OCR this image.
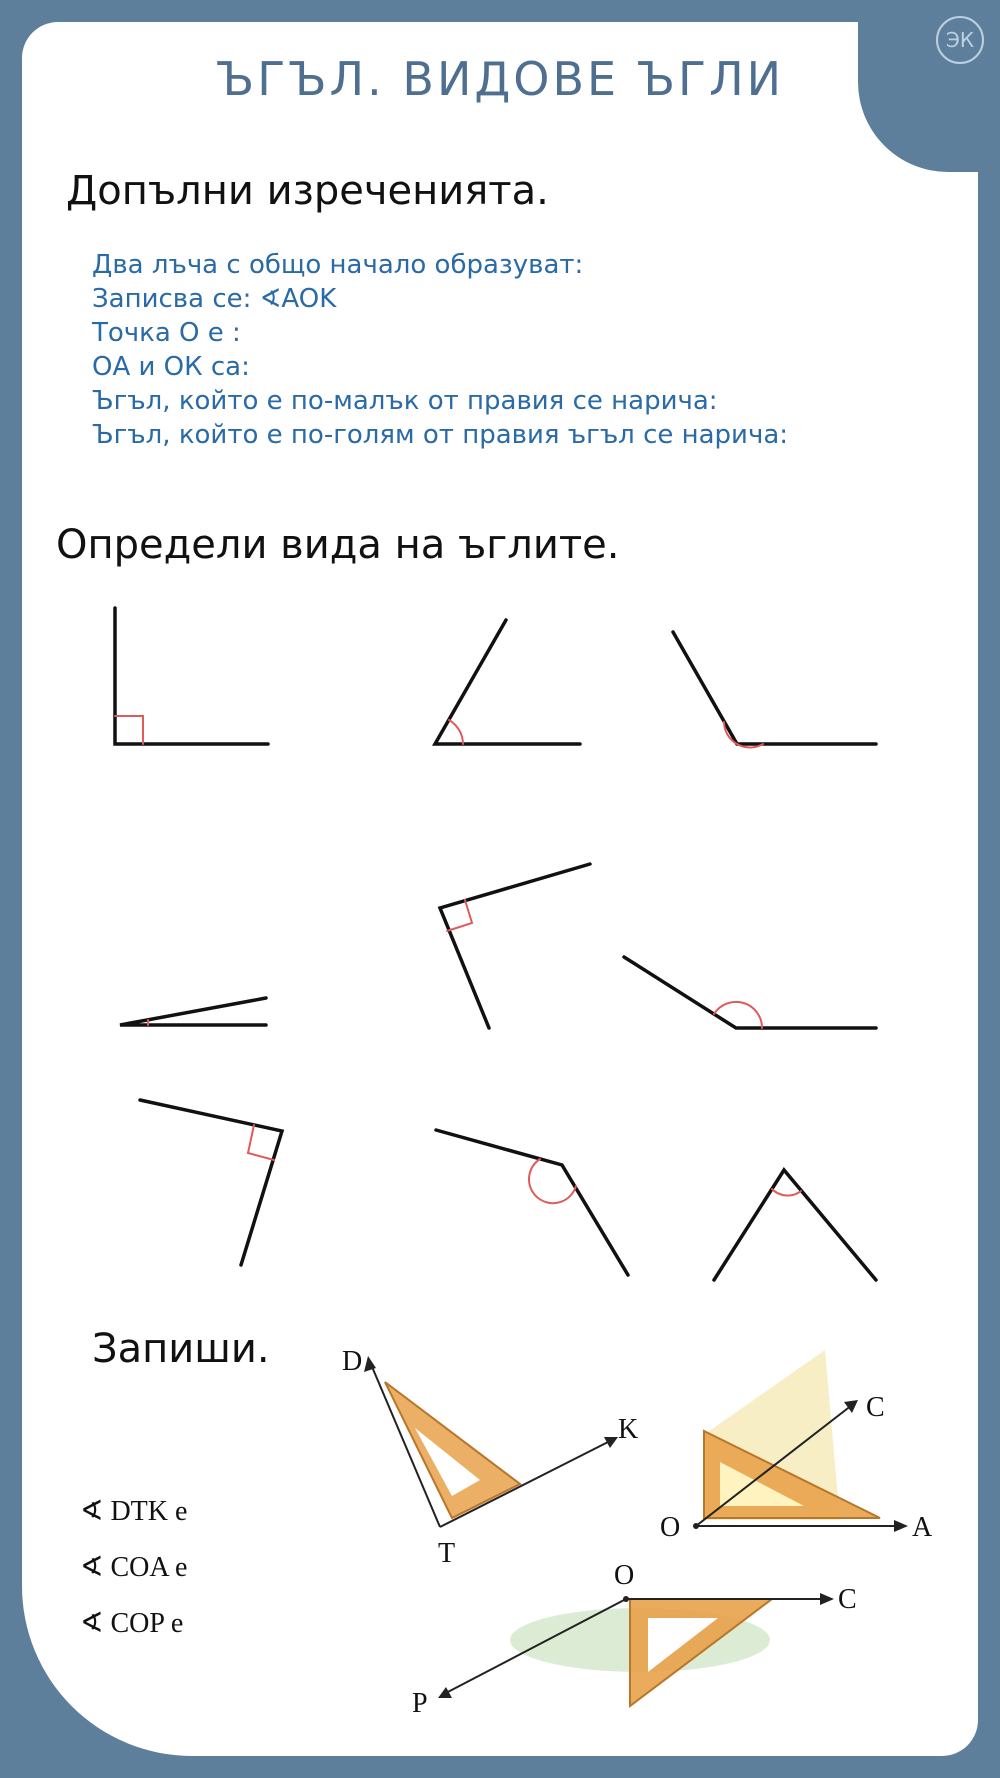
ЭК
ЪГЪЛ. ВИДОВЕ ЪГЛИ
Допълни изреченията.
Два лъча с общо начало образуват:
Записва се: ∢AOK
Точка О е :
ОА и ОК са:
Ъгъл, който е по-малък от правия се нарича:
Ъгъл, който е по-голям от правия ъгъл се нарича:
Определи вида на ъглите.
D
T
K
C
O	A
O
C
P
Запиши.
∢ DTK е
∢ COA е
∢ COP е
